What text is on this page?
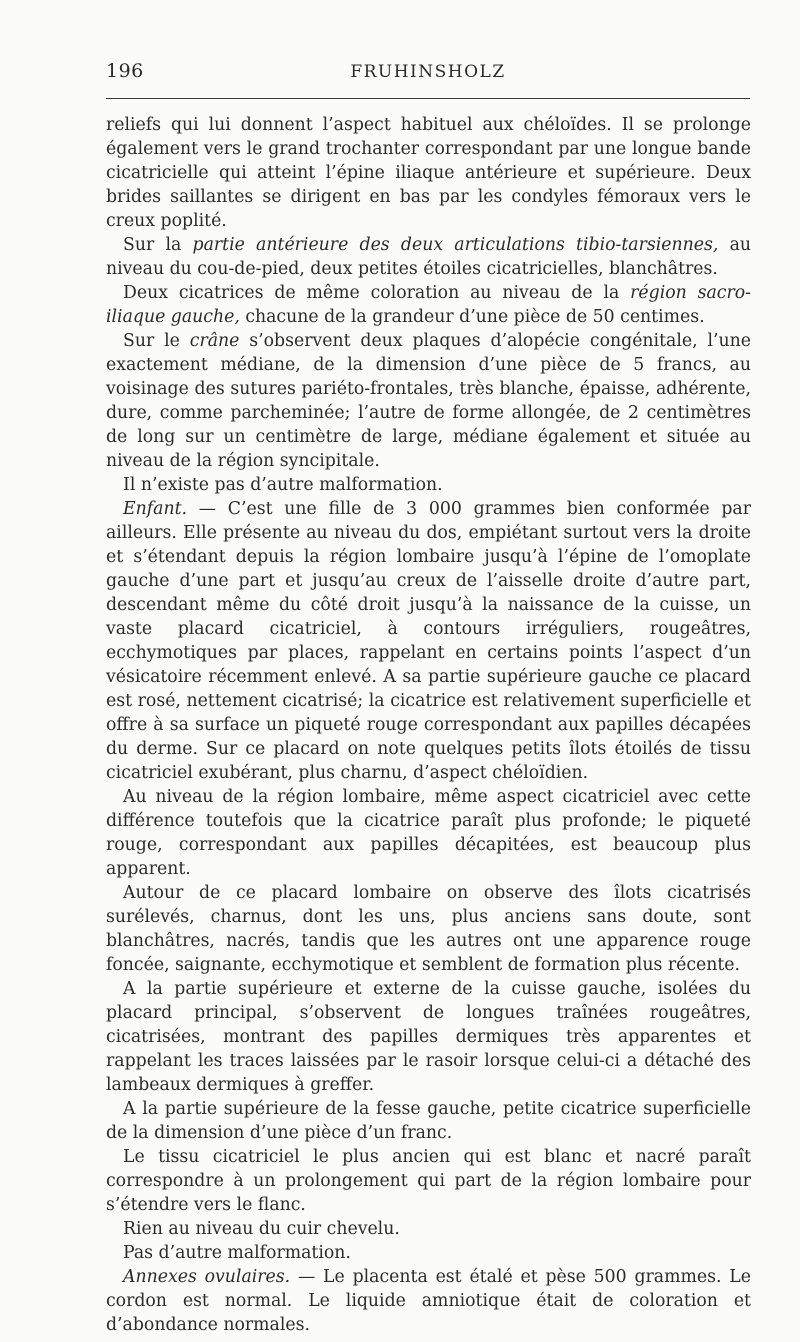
196	FRUHINSHOLZ

reliefs qui lui donnent l’aspect habituel aux chéloïdes. Il se prolonge également vers le grand trochanter correspondant par une longue bande cicatricielle qui atteint l’épine iliaque antérieure et supérieure. Deux brides saillantes se dirigent en bas par les condyles fémoraux vers le creux poplité.

Sur la partie antérieure des deux articulations tibio-tarsiennes, au niveau du cou-de-pied, deux petites étoiles cicatricielles, blanchâtres.

Deux cicatrices de même coloration au niveau de la région sacro-iliaque gauche, chacune de la grandeur d’une pièce de 50 centimes.

Sur le crâne s’observent deux plaques d’alopécie congénitale, l’une exactement médiane, de la dimension d’une pièce de 5 francs, au voisinage des sutures pariéto-frontales, très blanche, épaisse, adhérente, dure, comme parcheminée; l’autre de forme allongée, de 2 centimètres de long sur un centimètre de large, médiane également et située au niveau de la région syncipitale.

Il n’existe pas d’autre malformation.

Enfant. — C’est une fille de 3 000 grammes bien conformée par ailleurs. Elle présente au niveau du dos, empiétant surtout vers la droite et s’étendant depuis la région lombaire jusqu’à l’épine de l’omoplate gauche d’une part et jusqu’au creux de l’aisselle droite d’autre part, descendant même du côté droit jusqu’à la naissance de la cuisse, un vaste placard cicatriciel, à contours irréguliers, rougeâtres, ecchymotiques par places, rappelant en certains points l’aspect d’un vésicatoire récemment enlevé. A sa partie supérieure gauche ce placard est rosé, nettement cicatrisé; la cicatrice est relativement superficielle et offre à sa surface un piqueté rouge correspondant aux papilles décapées du derme. Sur ce placard on note quelques petits îlots étoilés de tissu cicatriciel exubérant, plus charnu, d’aspect chéloïdien.

Au niveau de la région lombaire, même aspect cicatriciel avec cette différence toutefois que la cicatrice paraît plus profonde; le piqueté rouge, correspondant aux papilles décapitées, est beaucoup plus apparent.

Autour de ce placard lombaire on observe des îlots cicatrisés surélevés, charnus, dont les uns, plus anciens sans doute, sont blanchâtres, nacrés, tandis que les autres ont une apparence rouge foncée, saignante, ecchymotique et semblent de formation plus récente.

A la partie supérieure et externe de la cuisse gauche, isolées du placard principal, s’observent de longues traînées rougeâtres, cicatrisées, montrant des papilles dermiques très apparentes et rappelant les traces laissées par le rasoir lorsque celui-ci a détaché des lambeaux dermiques à greffer.

A la partie supérieure de la fesse gauche, petite cicatrice superficielle de la dimension d’une pièce d’un franc.

Le tissu cicatriciel le plus ancien qui est blanc et nacré paraît correspondre à un prolongement qui part de la région lombaire pour s’étendre vers le flanc.

Rien au niveau du cuir chevelu.

Pas d’autre malformation.

Annexes ovulaires. — Le placenta est étalé et pèse 500 grammes. Le cordon est normal. Le liquide amniotique était de coloration et d’abondance normales.
